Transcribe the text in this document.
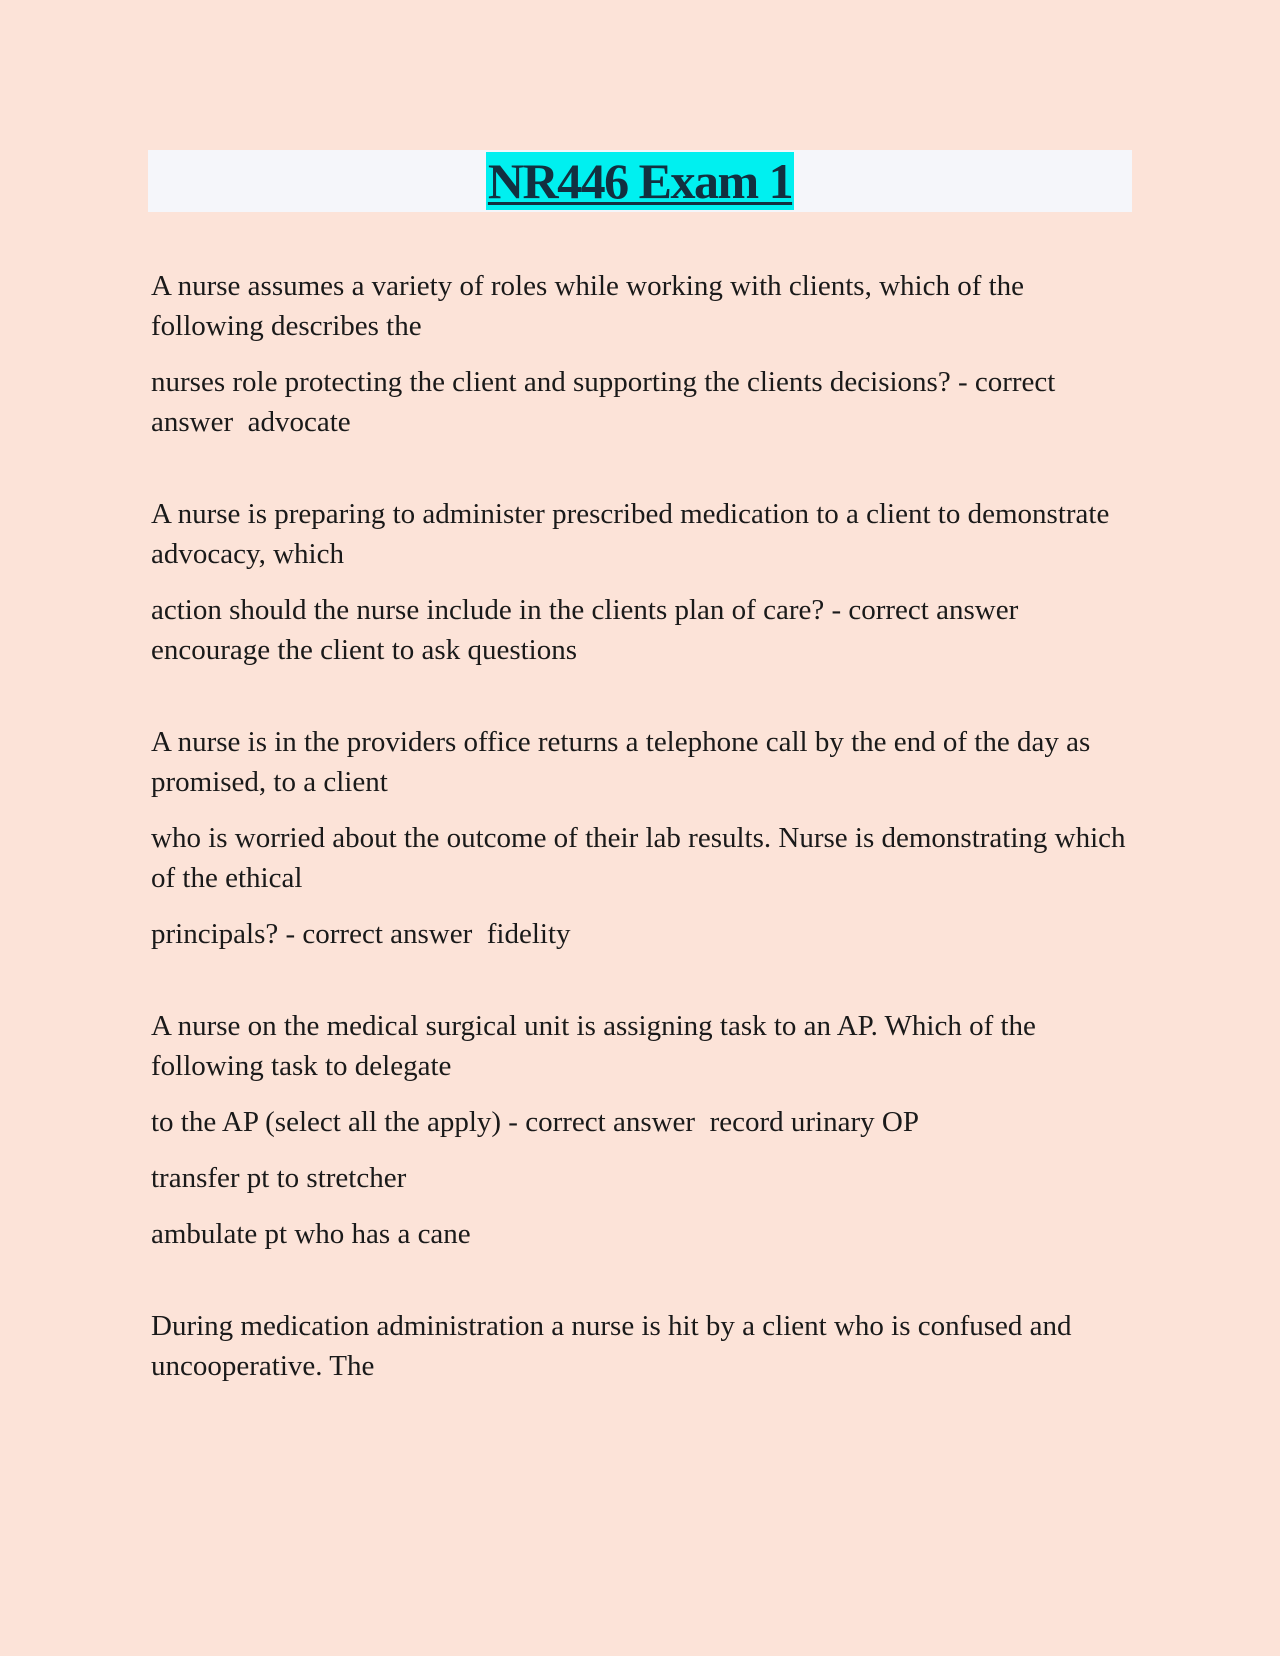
NR446 Exam 1

A nurse assumes a variety of roles while working with clients, which of the following describes the

nurses role protecting the client and supporting the clients decisions? - correct answer  advocate

A nurse is preparing to administer prescribed medication to a client to demonstrate advocacy, which

action should the nurse include in the clients plan of care? - correct answer  encourage the client to ask questions

A nurse is in the providers office returns a telephone call by the end of the day as promised, to a client

who is worried about the outcome of their lab results. Nurse is demonstrating which of the ethical

principals? - correct answer  fidelity

A nurse on the medical surgical unit is assigning task to an AP. Which of the following task to delegate

to the AP (select all the apply) - correct answer  record urinary OP

transfer pt to stretcher

ambulate pt who has a cane

During medication administration a nurse is hit by a client who is confused and uncooperative. The
